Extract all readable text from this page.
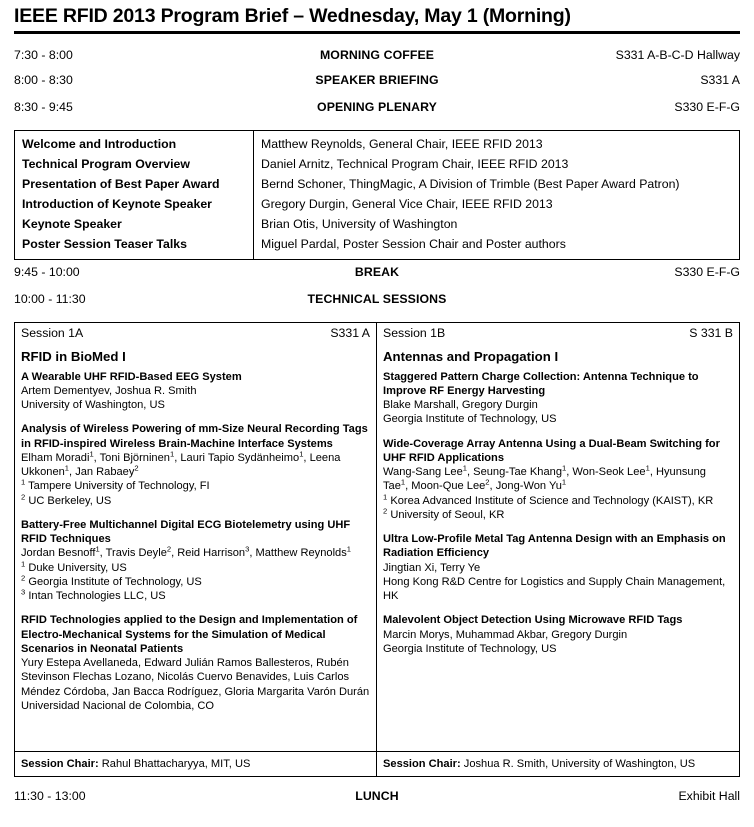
IEEE RFID 2013 Program Brief – Wednesday, May 1 (Morning)
7:30 - 8:00	MORNING COFFEE	S331 A-B-C-D Hallway
8:00 - 8:30	SPEAKER BRIEFING	S331 A
8:30 - 9:45	OPENING PLENARY	S330 E-F-G
Welcome and Introduction	Matthew Reynolds, General Chair, IEEE RFID 2013
Technical Program Overview	Daniel Arnitz, Technical Program Chair, IEEE RFID 2013
Presentation of Best Paper Award	Bernd Schoner, ThingMagic, A Division of Trimble (Best Paper Award Patron)
Introduction of Keynote Speaker	Gregory Durgin, General Vice Chair, IEEE RFID 2013
Keynote Speaker	Brian Otis, University of Washington
Poster Session Teaser Talks	Miguel Pardal, Poster Session Chair and Poster authors
9:45 - 10:00	BREAK	S330 E-F-G
10:00 - 11:30	TECHNICAL SESSIONS
Session 1A	S331 A
RFID in BioMed I
A Wearable UHF RFID-Based EEG System
Artem Dementyev, Joshua R. Smith
University of Washington, US
Analysis of Wireless Powering of mm-Size Neural Recording Tags in RFID-inspired Wireless Brain-Machine Interface Systems
Elham Moradi$^1$, Toni Björninen$^1$, Lauri Tapio Sydänheimo$^1$, Leena Ukkonen$^1$, Jan Rabaey$^2$
$^1$ Tampere University of Technology, FI
$^2$ UC Berkeley, US
Battery-Free Multichannel Digital ECG Biotelemetry using UHF RFID Techniques
Jordan Besnoff$^1$, Travis Deyle$^2$, Reid Harrison$^3$, Matthew Reynolds$^1$
$^1$ Duke University, US
$^2$ Georgia Institute of Technology, US
$^3$ Intan Technologies LLC, US
RFID Technologies applied to the Design and Implementation of Electro-Mechanical Systems for the Simulation of Medical Scenarios in Neonatal Patients
Yury Estepa Avellaneda, Edward Julián Ramos Ballesteros, Rubén Stevinson Flechas Lozano, Nicolás Cuervo Benavides, Luis Carlos Méndez Córdoba, Jan Bacca Rodríguez, Gloria Margarita Varón Durán
Universidad Nacional de Colombia, CO
Session Chair: Rahul Bhattacharyya, MIT, US
Session 1B	S 331 B
Antennas and Propagation I
Staggered Pattern Charge Collection: Antenna Technique to Improve RF Energy Harvesting
Blake Marshall, Gregory Durgin
Georgia Institute of Technology, US
Wide-Coverage Array Antenna Using a Dual-Beam Switching for UHF RFID Applications
Wang-Sang Lee$^1$, Seung-Tae Khang$^1$, Won-Seok Lee$^1$, Hyunsung Tae$^1$, Moon-Que Lee$^2$, Jong-Won Yu$^1$
$^1$ Korea Advanced Institute of Science and Technology (KAIST), KR
$^2$ University of Seoul, KR
Ultra Low-Profile Metal Tag Antenna Design with an Emphasis on Radiation Efficiency
Jingtian Xi, Terry Ye
Hong Kong R&D Centre for Logistics and Supply Chain Management, HK
Malevolent Object Detection Using Microwave RFID Tags
Marcin Morys, Muhammad Akbar, Gregory Durgin
Georgia Institute of Technology, US
Session Chair: Joshua R. Smith, University of Washington, US
11:30 - 13:00	LUNCH	Exhibit Hall
